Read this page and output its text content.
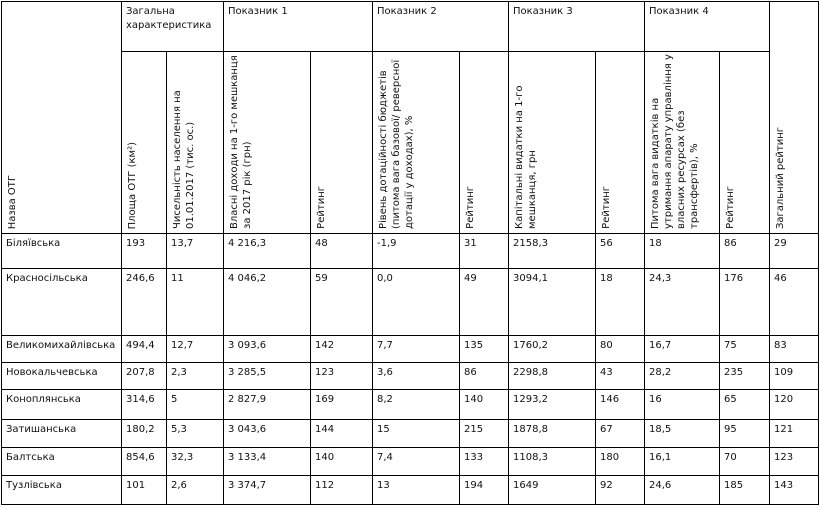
Назва ОТГ	Загальна характеристика		Показник 1		Показник 2		Показник 3		Показник 4		Загальний рейтинг

	Площа ОТГ (км²)	Чисельність населення на 01.01.2017 (тис. ос.)	Власні доходи на 1-го мешканця за 2017 рік (грн)	Рейтинг	Рівень дотаційності бюджетів (питома вага базової/ реверсної дотації у доходах), %	Рейтинг	Капітальні видатки на 1-го мешканця, грн	Рейтинг	Питома вага видатків на утримання апарату управління у власних ресурсах (без трансфертів), %	Рейтинг	

Біляївська	193	13,7	4 216,3	48	-1,9	31	2158,3	56	18	86	29
Красносільська	246,6	11	4 046,2	59	0,0	49	3094,1	18	24,3	176	46
Великомихайлівська	494,4	12,7	3 093,6	142	7,7	135	1760,2	80	16,7	75	83
Новокальчевська	207,8	2,3	3 285,5	123	3,6	86	2298,8	43	28,2	235	109
Коноплянська	314,6	5	2 827,9	169	8,2	140	1293,2	146	16	65	120
Затишанська	180,2	5,3	3 043,6	144	15	215	1878,8	67	18,5	95	121
Балтська	854,6	32,3	3 133,4	140	7,4	133	1108,3	180	16,1	70	123
Тузлівська	101	2,6	3 374,7	112	13	194	1649	92	24,6	185	143
